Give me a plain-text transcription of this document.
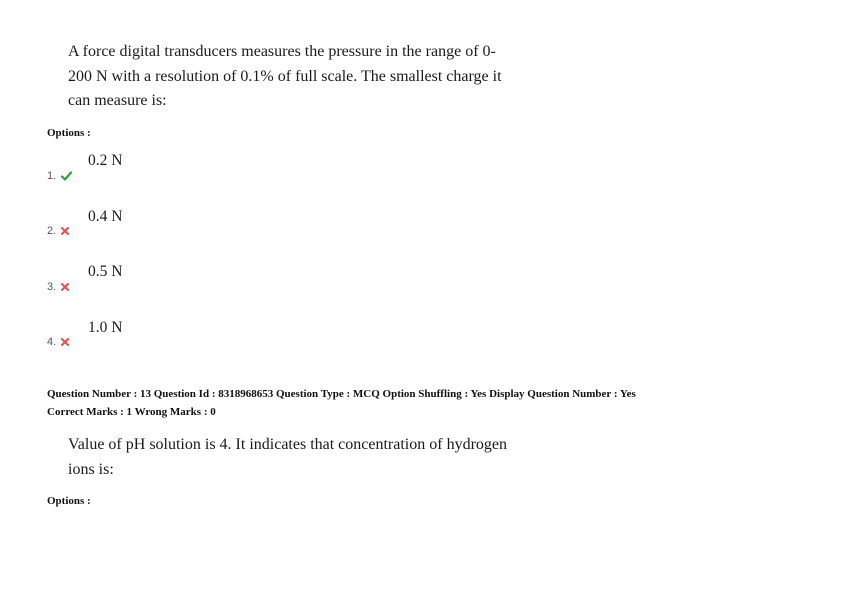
A force digital transducers measures the pressure in the range of 0-
200 N with a resolution of 0.1% of full scale. The smallest charge it
can measure is:
Options :
0.2 N
1.
0.4 N
2.
0.5 N
3.
1.0 N
4.
Question Number : 13 Question Id : 8318968653 Question Type : MCQ Option Shuffling : Yes Display Question Number : Yes
Correct Marks : 1 Wrong Marks : 0
Value of pH solution is 4. It indicates that concentration of hydrogen
ions is:
Options :
